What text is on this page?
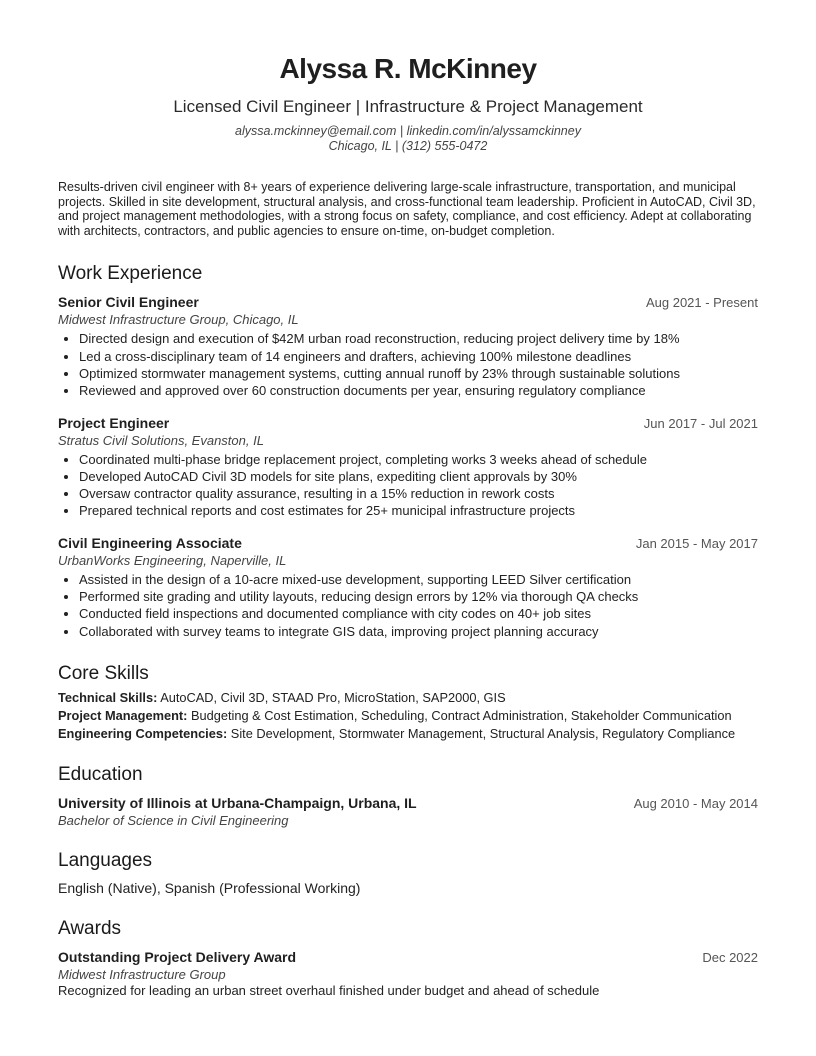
Alyssa R. McKinney
Licensed Civil Engineer | Infrastructure & Project Management
alyssa.mckinney@email.com | linkedin.com/in/alyssamckinney
Chicago, IL | (312) 555-0472
Results-driven civil engineer with 8+ years of experience delivering large-scale infrastructure, transportation, and municipal projects. Skilled in site development, structural analysis, and cross-functional team leadership. Proficient in AutoCAD, Civil 3D, and project management methodologies, with a strong focus on safety, compliance, and cost efficiency. Adept at collaborating with architects, contractors, and public agencies to ensure on-time, on-budget completion.
Work Experience
Senior Civil Engineer	Aug 2021 - Present
Midwest Infrastructure Group, Chicago, IL
• Directed design and execution of $42M urban road reconstruction, reducing project delivery time by 18%
• Led a cross-disciplinary team of 14 engineers and drafters, achieving 100% milestone deadlines
• Optimized stormwater management systems, cutting annual runoff by 23% through sustainable solutions
• Reviewed and approved over 60 construction documents per year, ensuring regulatory compliance
Project Engineer	Jun 2017 - Jul 2021
Stratus Civil Solutions, Evanston, IL
• Coordinated multi-phase bridge replacement project, completing works 3 weeks ahead of schedule
• Developed AutoCAD Civil 3D models for site plans, expediting client approvals by 30%
• Oversaw contractor quality assurance, resulting in a 15% reduction in rework costs
• Prepared technical reports and cost estimates for 25+ municipal infrastructure projects
Civil Engineering Associate	Jan 2015 - May 2017
UrbanWorks Engineering, Naperville, IL
• Assisted in the design of a 10-acre mixed-use development, supporting LEED Silver certification
• Performed site grading and utility layouts, reducing design errors by 12% via thorough QA checks
• Conducted field inspections and documented compliance with city codes on 40+ job sites
• Collaborated with survey teams to integrate GIS data, improving project planning accuracy
Core Skills

Technical Skills: AutoCAD, Civil 3D, STAAD Pro, MicroStation, SAP2000, GIS

Project Management: Budgeting & Cost Estimation, Scheduling, Contract Administration, Stakeholder Communication

Engineering Competencies: Site Development, Stormwater Management, Structural Analysis, Regulatory Compliance

Education
University of Illinois at Urbana-Champaign, Urbana, IL	Aug 2010 - May 2014
Bachelor of Science in Civil Engineering
Languages
English (Native), Spanish (Professional Working)
Awards
Outstanding Project Delivery Award	Dec 2022
Midwest Infrastructure Group
Recognized for leading an urban street overhaul finished under budget and ahead of schedule
